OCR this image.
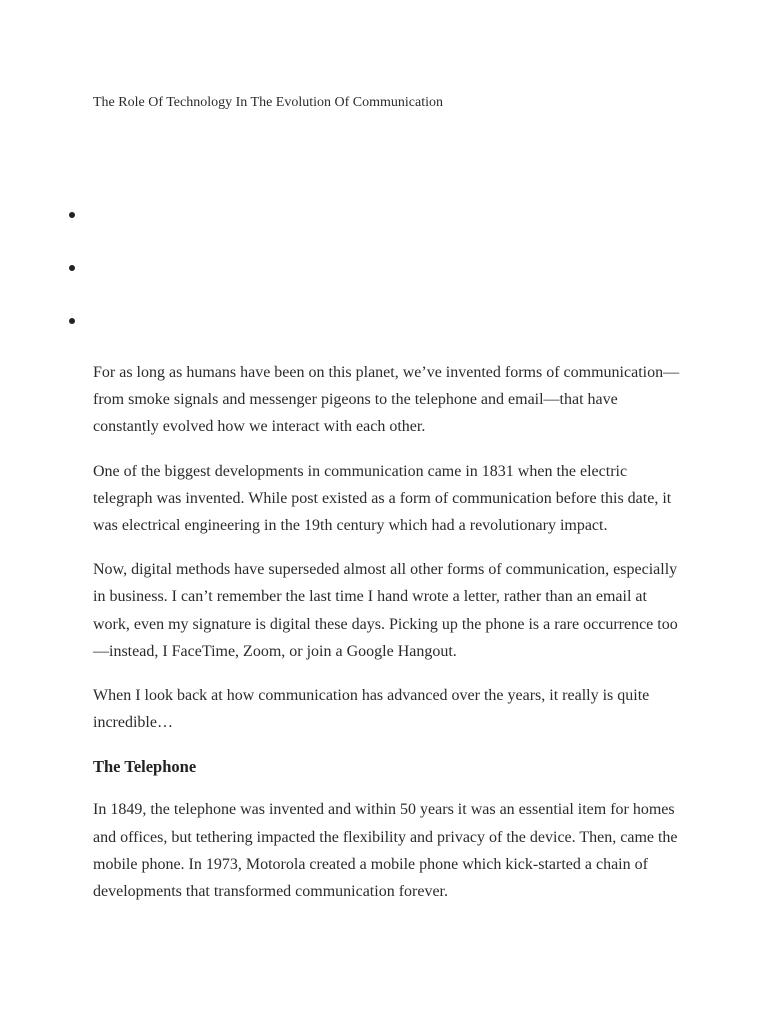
The Role Of Technology In The Evolution Of Communication

For as long as humans have been on this planet, we’ve invented forms of communication—from smoke signals and messenger pigeons to the telephone and email—that have constantly evolved how we interact with each other.

One of the biggest developments in communication came in 1831 when the electric telegraph was invented. While post existed as a form of communication before this date, it was electrical engineering in the 19th century which had a revolutionary impact.

Now, digital methods have superseded almost all other forms of communication, especially in business. I can’t remember the last time I hand wrote a letter, rather than an email at work, even my signature is digital these days. Picking up the phone is a rare occurrence too—instead, I FaceTime, Zoom, or join a Google Hangout.

When I look back at how communication has advanced over the years, it really is quite incredible…

The Telephone

In 1849, the telephone was invented and within 50 years it was an essential item for homes and offices, but tethering impacted the flexibility and privacy of the device. Then, came the mobile phone. In 1973, Motorola created a mobile phone which kick-started a chain of developments that transformed communication forever.
